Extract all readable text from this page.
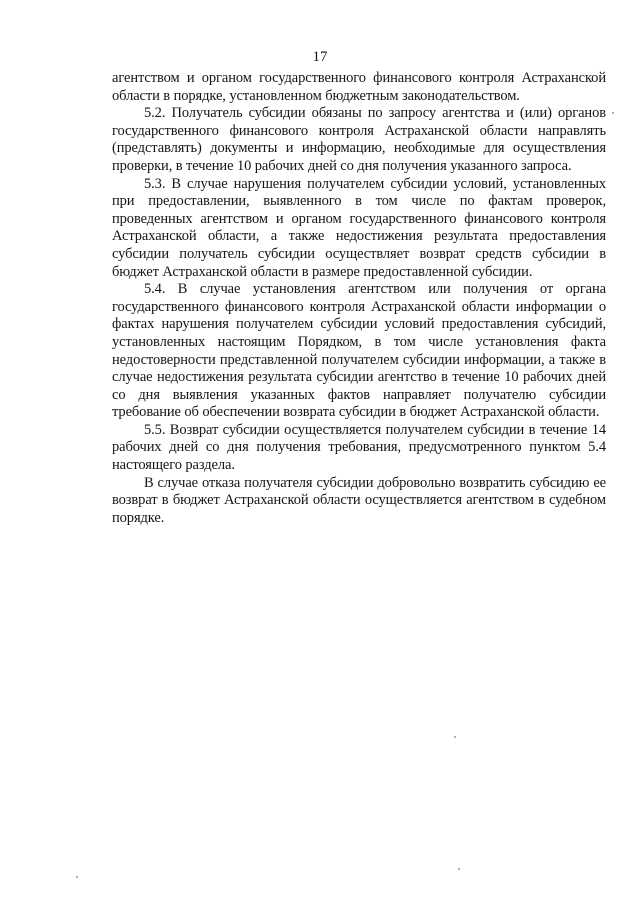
17

агентством и органом государственного финансового контроля Астраханской области в порядке, установленном бюджетным законодательством.

5.2. Получатель субсидии обязаны по запросу агентства и (или) органов государственного финансового контроля Астраханской области направлять (представлять) документы и информацию, необходимые для осуществления проверки, в течение 10 рабочих дней со дня получения указанного запроса.

5.3. В случае нарушения получателем субсидии условий, установленных при предоставлении, выявленного в том числе по фактам проверок, проведенных агентством и органом государственного финансового контроля Астраханской области, а также недостижения результата предоставления субсидии получатель субсидии осуществляет возврат средств субсидии в бюджет Астраханской области в размере предоставленной субсидии.

5.4. В случае установления агентством или получения от органа государственного финансового контроля Астраханской области информации о фактах нарушения получателем субсидии условий предоставления субсидий, установленных настоящим Порядком, в том числе установления факта недостоверности представленной получателем субсидии информации, а также в случае недостижения результата субсидии агентство в течение 10 рабочих дней со дня выявления указанных фактов направляет получателю субсидии требование об обеспечении возврата субсидии в бюджет Астраханской области.

5.5. Возврат субсидии осуществляется получателем субсидии в течение 14 рабочих дней со дня получения требования, предусмотренного пунктом 5.4 настоящего раздела.

В случае отказа получателя субсидии добровольно возвратить субсидию ее возврат в бюджет Астраханской области осуществляется агентством в судебном порядке.
